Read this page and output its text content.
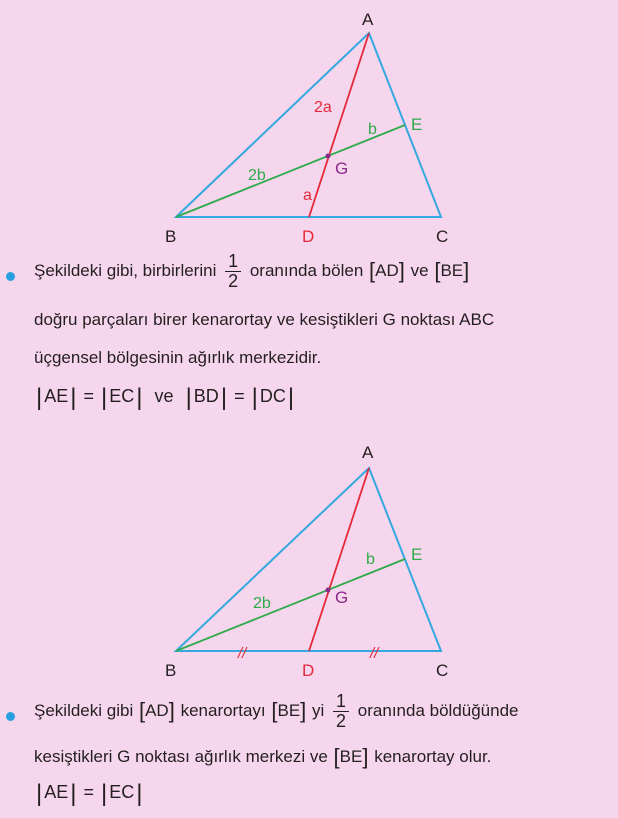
A
B	C
D
E
G
2a
a
2b
b
Şekildeki gibi, birbirlerini $\frac{1}{2}$ oranında bölen [ AD ] ve [ BE ]
doğru parçaları birer kenarortay ve kesiştikleri G noktası ABC
üçgensel bölgesinin ağırlık merkezidir.
| AE | = | EC | ve | BD | = | DC |
//	//
A
B	C
D
E
G
2b
b
Şekildeki gibi [ AD ] kenarortayı [ BE ] yi $\frac{1}{2}$ oranında böldüğünde
kesiştikleri G noktası ağırlık merkezi ve [ BE ] kenarortay olur.
| AE | = | EC |
